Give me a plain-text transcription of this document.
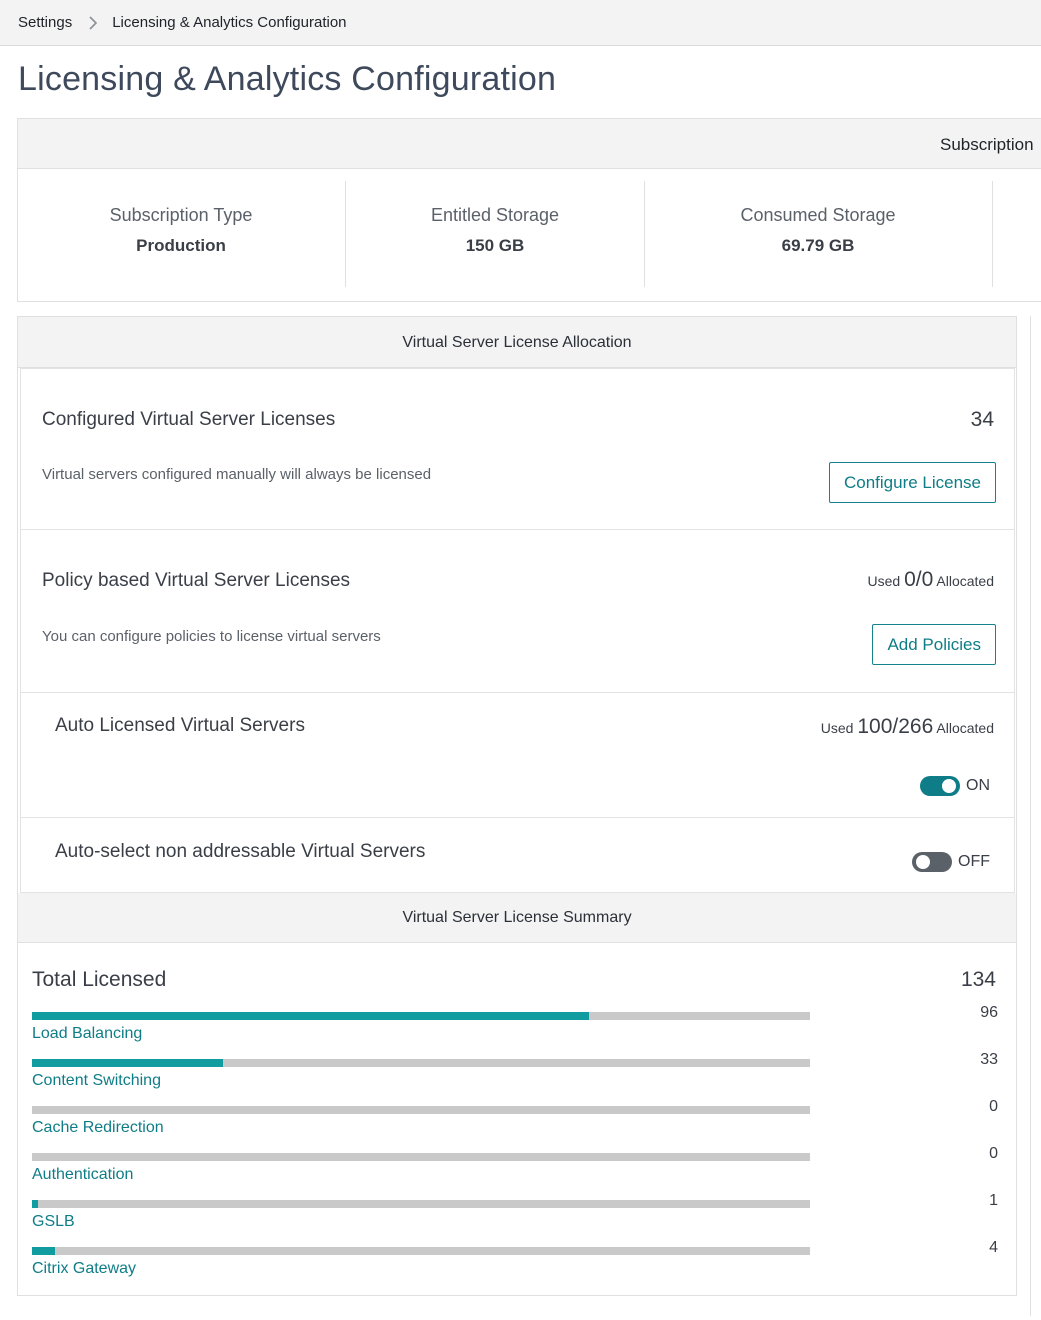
Settings	Licensing & Analytics Configuration
Licensing & Analytics Configuration
Subscription
Subscription Type
Production
Entitled Storage
150 GB
Consumed Storage
69.79 GB
Virtual Server License Allocation
Configured Virtual Server Licenses	34
Virtual servers configured manually will always be licensed	Configure License
Policy based Virtual Server Licenses	Used 0/0 Allocated
You can configure policies to license virtual servers	Add Policies
Auto Licensed Virtual Servers	Used 100/266 Allocated
ON
Auto-select non addressable Virtual Servers	OFF
Virtual Server License Summary
Total Licensed	134
Load Balancing
96
Content Switching
33
Cache Redirection
0
Authentication
0
GSLB
1
Citrix Gateway
4
